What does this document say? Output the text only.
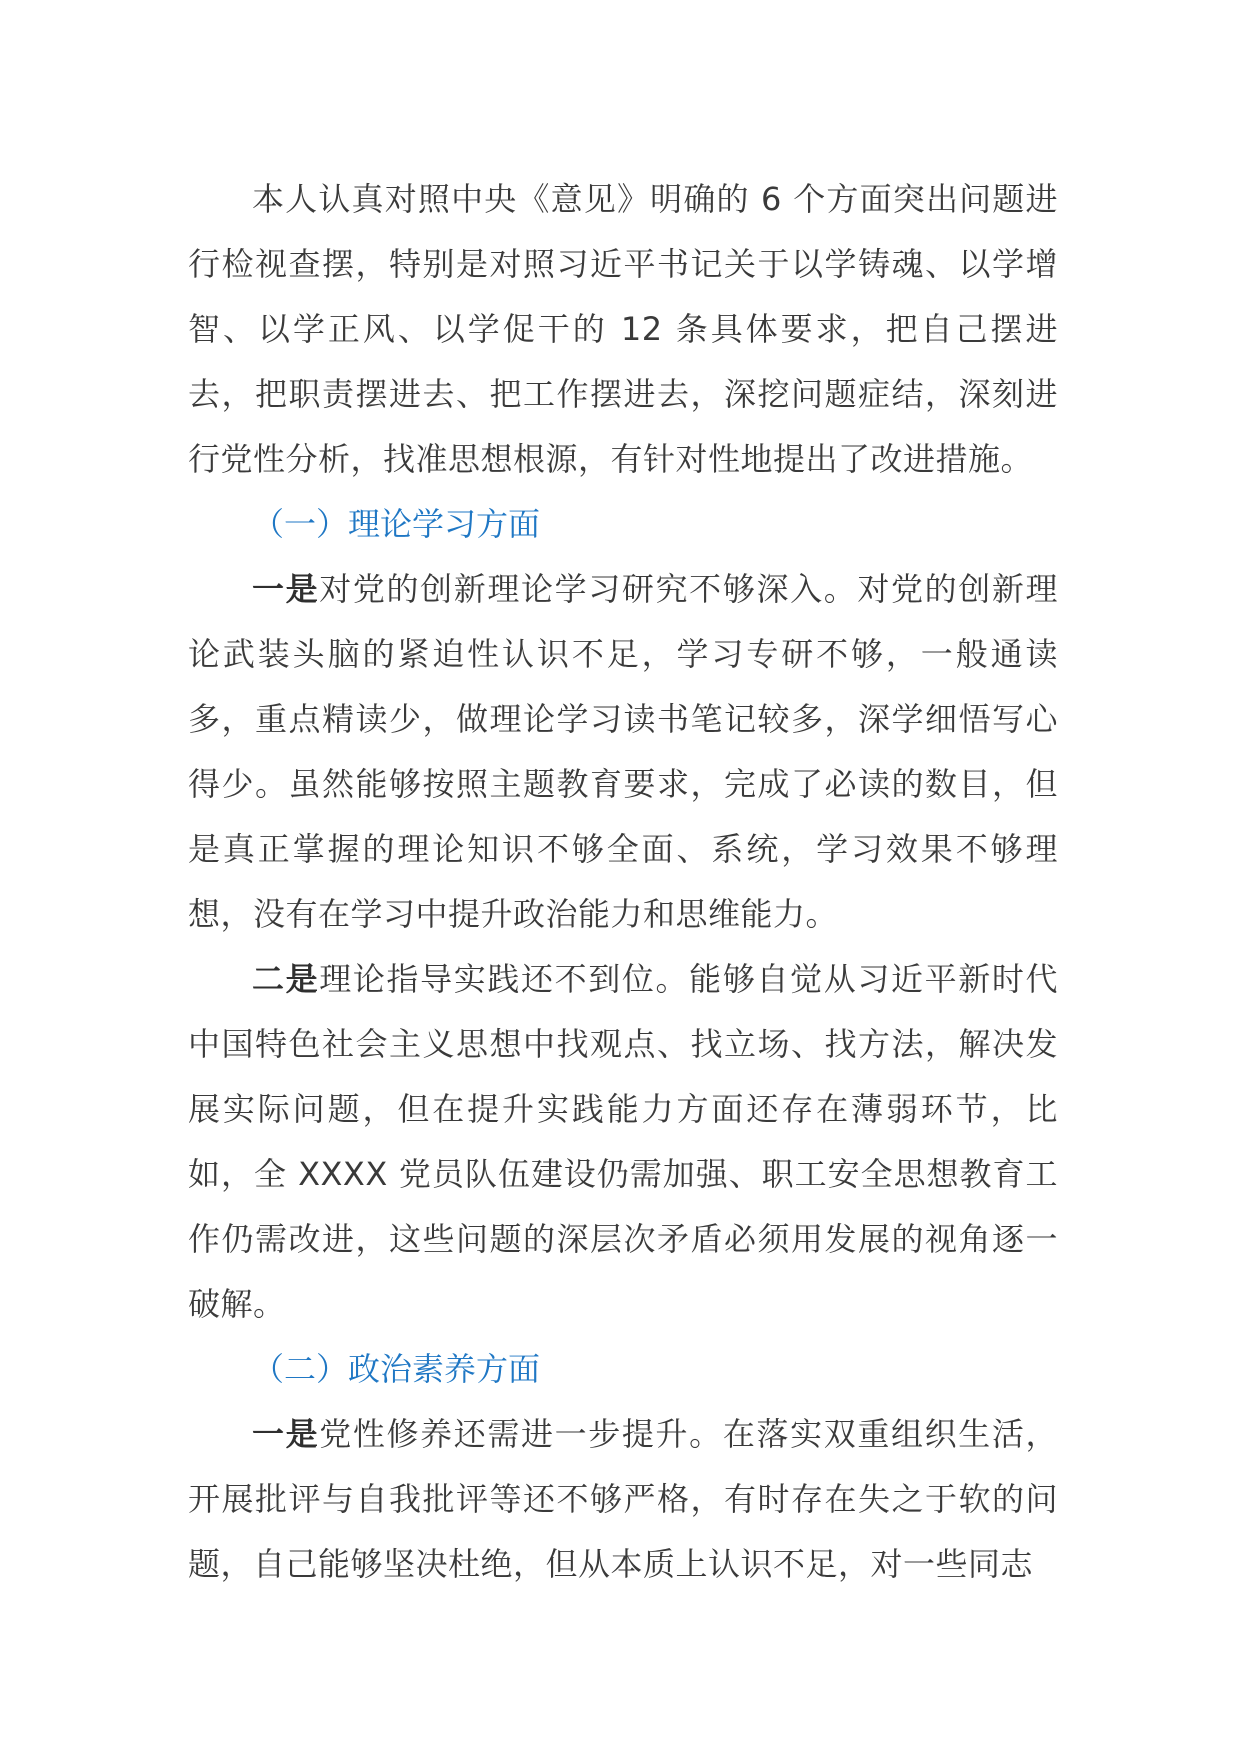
本人认真对照中央《意见》明确的 6 个方面突出问题进行检视查摆，特别是对照习近平书记关于以学铸魂、以学增智、以学正风、以学促干的 12 条具体要求，把自己摆进去，把职责摆进去、把工作摆进去，深挖问题症结，深刻进行党性分析，找准思想根源，有针对性地提出了改进措施。

（一）理论学习方面

一是对党的创新理论学习研究不够深入。对党的创新理论武装头脑的紧迫性认识不足，学习专研不够，一般通读多，重点精读少，做理论学习读书笔记较多，深学细悟写心得少。虽然能够按照主题教育要求，完成了必读的数目，但是真正掌握的理论知识不够全面、系统，学习效果不够理想，没有在学习中提升政治能力和思维能力。

二是理论指导实践还不到位。能够自觉从习近平新时代中国特色社会主义思想中找观点、找立场、找方法，解决发展实际问题，但在提升实践能力方面还存在薄弱环节，比如，全 XXXX 党员队伍建设仍需加强、职工安全思想教育工作仍需改进，这些问题的深层次矛盾必须用发展的视角逐一破解。

（二）政治素养方面

一是党性修养还需进一步提升。在落实双重组织生活，开展批评与自我批评等还不够严格，有时存在失之于软的问题，自己能够坚决杜绝，但从本质上认识不足，对一些同志
